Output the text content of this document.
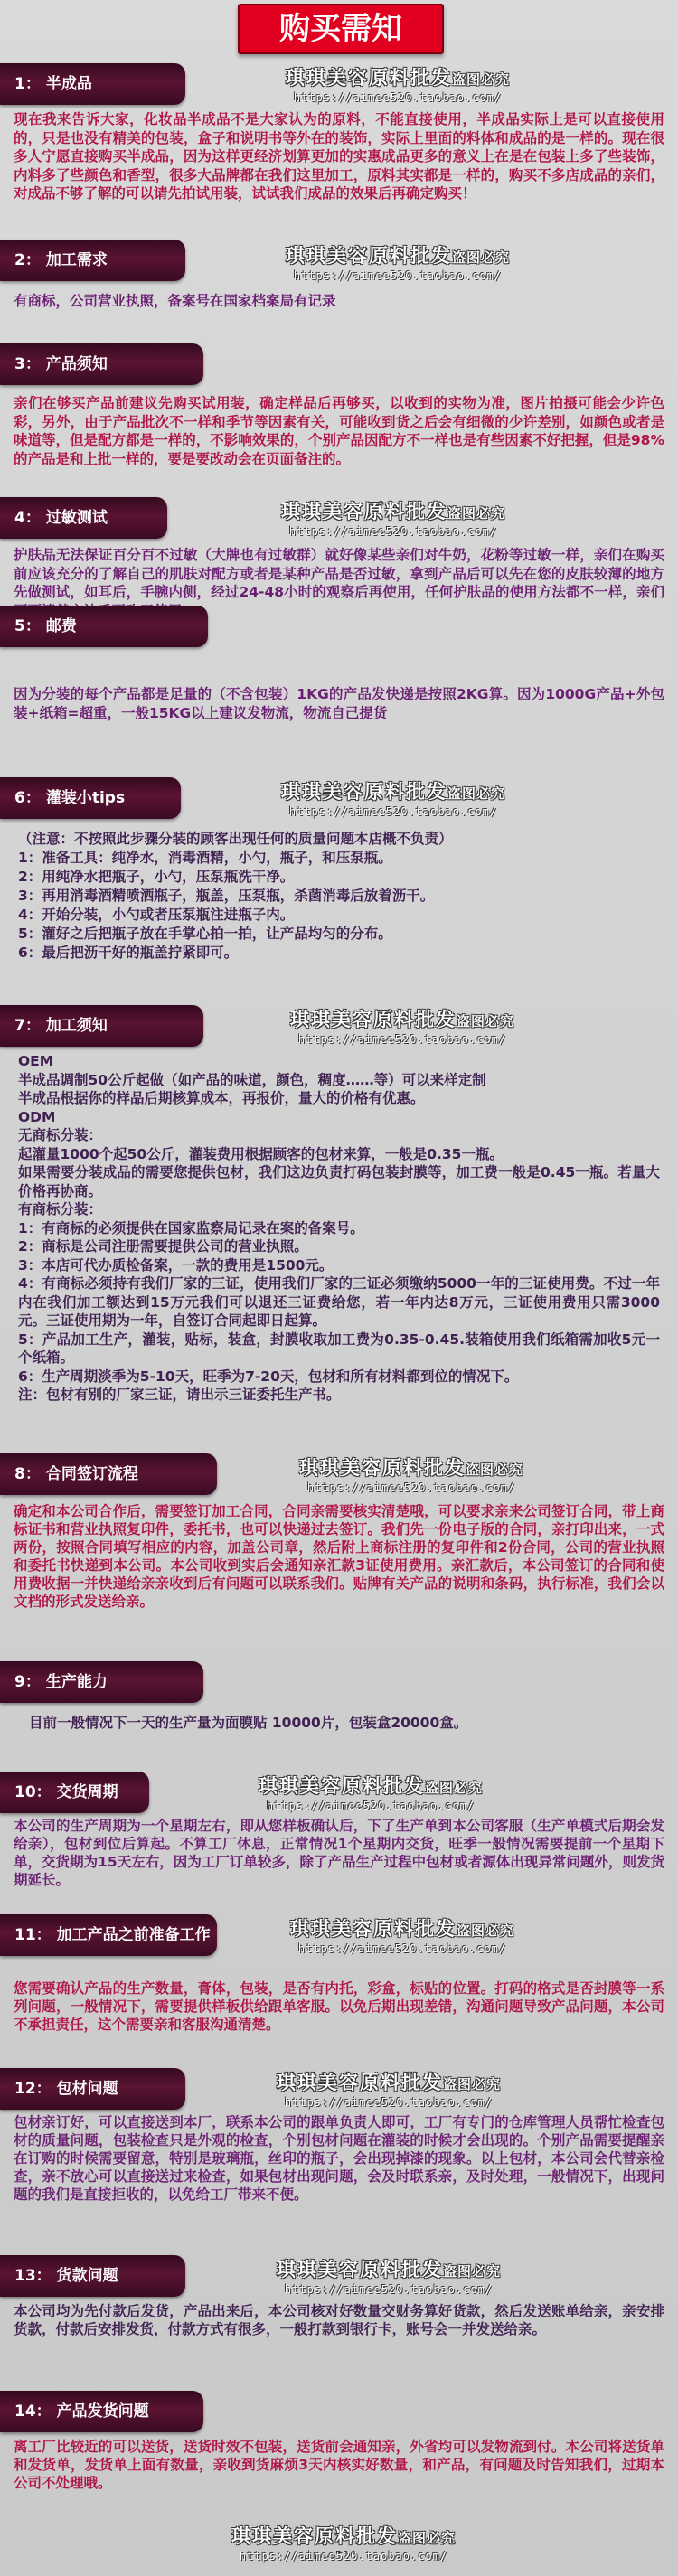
购买需知
1： 半成品	琪琪美容原料批发盗图必究
https://aimee520.taobao.com/
现在我来告诉大家，化妆品半成品不是大家认为的原料，不能直接使用，半成品实际上是可以直接使用的，只是也没有精美的包装，盒子和说明书等外在的装饰，实际上里面的料体和成品的是一样的。现在很多人宁愿直接购买半成品，因为这样更经济划算更加的实惠成品更多的意义上在是在包装上多了些装饰，内料多了些颜色和香型，很多大品牌都在我们这里加工，原料其实都是一样的，购买不多店成品的亲们，对成品不够了解的可以请先拍试用装，试试我们成品的效果后再确定购买！
2： 加工需求	琪琪美容原料批发盗图必究
https://aimee520.taobao.com/
有商标，公司营业执照，备案号在国家档案局有记录
3： 产品须知
亲们在够买产品前建议先购买试用装，确定样品后再够买，以收到的实物为准，图片拍摄可能会少许色彩，另外，由于产品批次不一样和季节等因素有关，可能收到货之后会有细微的少许差别，如颜色或者是味道等，但是配方都是一样的，不影响效果的，个别产品因配方不一样也是有些因素不好把握，但是98%的产品是和上批一样的，要是要改动会在页面备注的。
4： 过敏测试	琪琪美容原料批发盗图必究
https://aimee520.taobao.com/
护肤品无法保证百分百不过敏（大牌也有过敏群）就好像某些亲们对牛奶，花粉等过敏一样，亲们在购买前应该充分的了解自己的肌肤对配方或者是某种产品是否过敏，拿到产品后可以先在您的皮肤较薄的地方先做测试，如耳后，手腕内侧，经过24-48小时的观察后再使用，任何护肤品的使用方法都不一样，亲们
5： 邮费
因为分装的每个产品都是足量的（不含包装）1KG的产品发快递是按照2KG算。因为1000G产品+外包装+纸箱=超重，一般15KG以上建议发物流，物流自己提货
6： 灌装小tips	琪琪美容原料批发盗图必究
https://aimee520.taobao.com/

（注意：不按照此步骤分装的顾客出现任何的质量问题本店概不负责）

1：准备工具：纯净水，消毒酒精，小勺，瓶子，和压泵瓶。

2：用纯净水把瓶子，小勺，压泵瓶洗干净。

3：再用消毒酒精喷洒瓶子，瓶盖，压泵瓶，杀菌消毒后放着沥干。

4：开始分装，小勺或者压泵瓶注进瓶子内。

5：灌好之后把瓶子放在手掌心拍一拍，让产品均匀的分布。

6：最后把沥干好的瓶盖拧紧即可。

7： 加工须知	琪琪美容原料批发盗图必究
https://aimee520.taobao.com/

OEM

半成品调制50公斤起做（如产品的味道，颜色，稠度……等）可以来样定制

半成品根据你的样品后期核算成本，再报价，量大的价格有优惠。

ODM

无商标分装：

起灌量1000个起50公斤，灌装费用根据顾客的包材来算，一般是0.35一瓶。

如果需要分装成品的需要您提供包材，我们这边负责打码包装封膜等，加工费一般是0.45一瓶。若量大价格再协商。

有商标分装：

1：有商标的必须提供在国家监察局记录在案的备案号。

2：商标是公司注册需要提供公司的营业执照。

3：本店可代办质检备案，一款的费用是1500元。

4：有商标必须持有我们厂家的三证，使用我们厂家的三证必须缴纳5000一年的三证使用费。不过一年内在我们加工额达到15万元我们可以退还三证费给您，若一年内达8万元，三证使用费用只需3000元。三证使用期为一年，自签订合同起即日起算。

5：产品加工生产，灌装，贴标，装盒，封膜收取加工费为0.35-0.45.装箱使用我们纸箱需加收5元一个纸箱。

6：生产周期淡季为5-10天，旺季为7-20天，包材和所有材料都到位的情况下。

注：包材有别的厂家三证，请出示三证委托生产书。

8： 合同签订流程	琪琪美容原料批发盗图必究
https://aimee520.taobao.com/
确定和本公司合作后，需要签订加工合同，合同亲需要核实清楚哦，可以要求亲来公司签订合同，带上商标证书和营业执照复印件，委托书，也可以快递过去签订。我们先一份电子版的合同，亲打印出来，一式两份，按照合同填写相应的内容，加盖公司章，然后附上商标注册的复印件和2份合同，公司的营业执照和委托书快递到本公司。本公司收到实后会通知亲汇款3证使用费用。亲汇款后，本公司签订的合同和使用费收据一并快递给亲亲收到后有问题可以联系我们。贴牌有关产品的说明和条码，执行标准，我们会以文档的形式发送给亲。
9： 生产能力
目前一般情况下一天的生产量为面膜贴 10000片，包装盒20000盒。
10： 交货周期	琪琪美容原料批发盗图必究
https://aimee520.taobao.com/
本公司的生产周期为一个星期左右，即从您样板确认后，下了生产单到本公司客服（生产单模式后期会发给亲），包材到位后算起。不算工厂休息，正常情况1个星期内交货，旺季一般情况需要提前一个星期下单，交货期为15天左右，因为工厂订单较多，除了产品生产过程中包材或者源体出现异常问题外，则发货期延长。
11： 加工产品之前准备工作	琪琪美容原料批发盗图必究
https://aimee520.taobao.com/
您需要确认产品的生产数量，膏体，包装，是否有内托，彩盒，标贴的位置。打码的格式是否封膜等一系列问题，一般情况下，需要提供样板供给跟单客服。以免后期出现差错，沟通问题导致产品问题，本公司不承担责任，这个需要亲和客服沟通清楚。
12： 包材问题	琪琪美容原料批发盗图必究
https://aimee520.taobao.com/
包材亲订好，可以直接送到本厂，联系本公司的跟单负责人即可，工厂有专门的仓库管理人员帮忙检查包材的质量问题，包装检查只是外观的检查，个别包材问题在灌装的时候才会出现的。个别产品需要提醒亲在订购的时候需要留意，特别是玻璃瓶，丝印的瓶子，会出现掉漆的现象。以上包材，本公司会代替亲检查，亲不放心可以直接送过来检查，如果包材出现问题，会及时联系亲，及时处理，一般情况下，出现问题的我们是直接拒收的，以免给工厂带来不便。
13： 货款问题	琪琪美容原料批发盗图必究
https://aimee520.taobao.com/
本公司均为先付款后发货，产品出来后，本公司核对好数量交财务算好货款，然后发送账单给亲，亲安排货款，付款后安排发货，付款方式有很多，一般打款到银行卡，账号会一并发送给亲。
14： 产品发货问题
离工厂比较近的可以送货，送货时效不包装，送货前会通知亲，外省均可以发物流到付。本公司将送货单和发货单，发货单上面有数量，亲收到货麻烦3天内核实好数量，和产品，有问题及时告知我们，过期本公司不处理哦。
琪琪美容原料批发盗图必究
https://aimee520.taobao.com/
